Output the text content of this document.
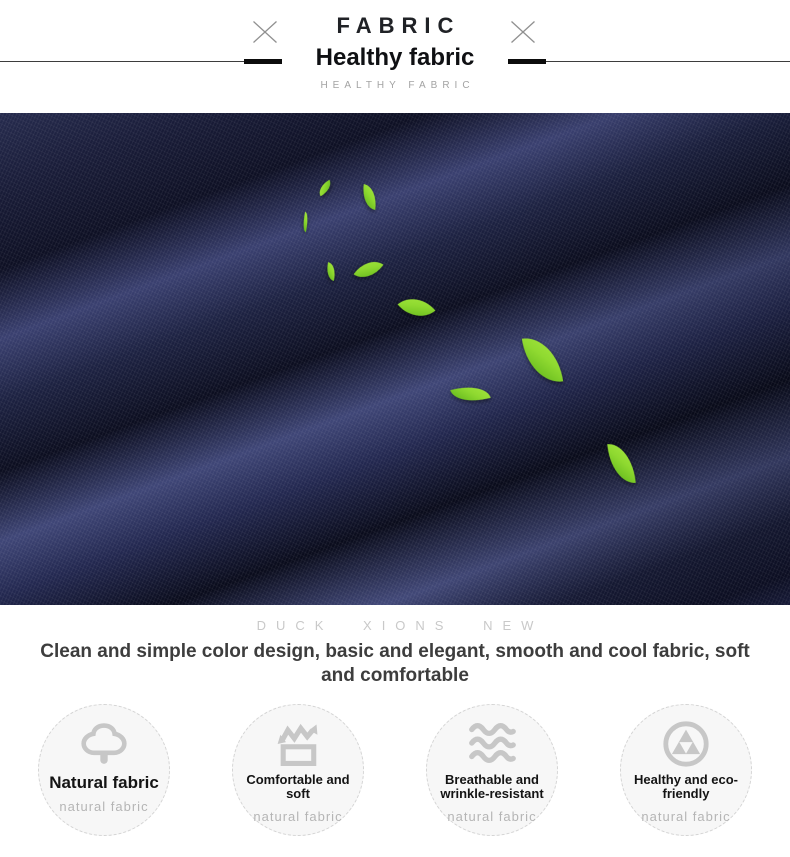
FABRIC
Healthy fabric
HEALTHY FABRIC
DUCK XIONS NEW

Clean and simple color design, basic and elegant, smooth and cool fabric, soft and comfortable

Natural fabric
natural fabric
Comfortable and soft
natural fabric
Breathable and wrinkle-resistant
natural fabric
Healthy and eco-friendly
natural fabric
